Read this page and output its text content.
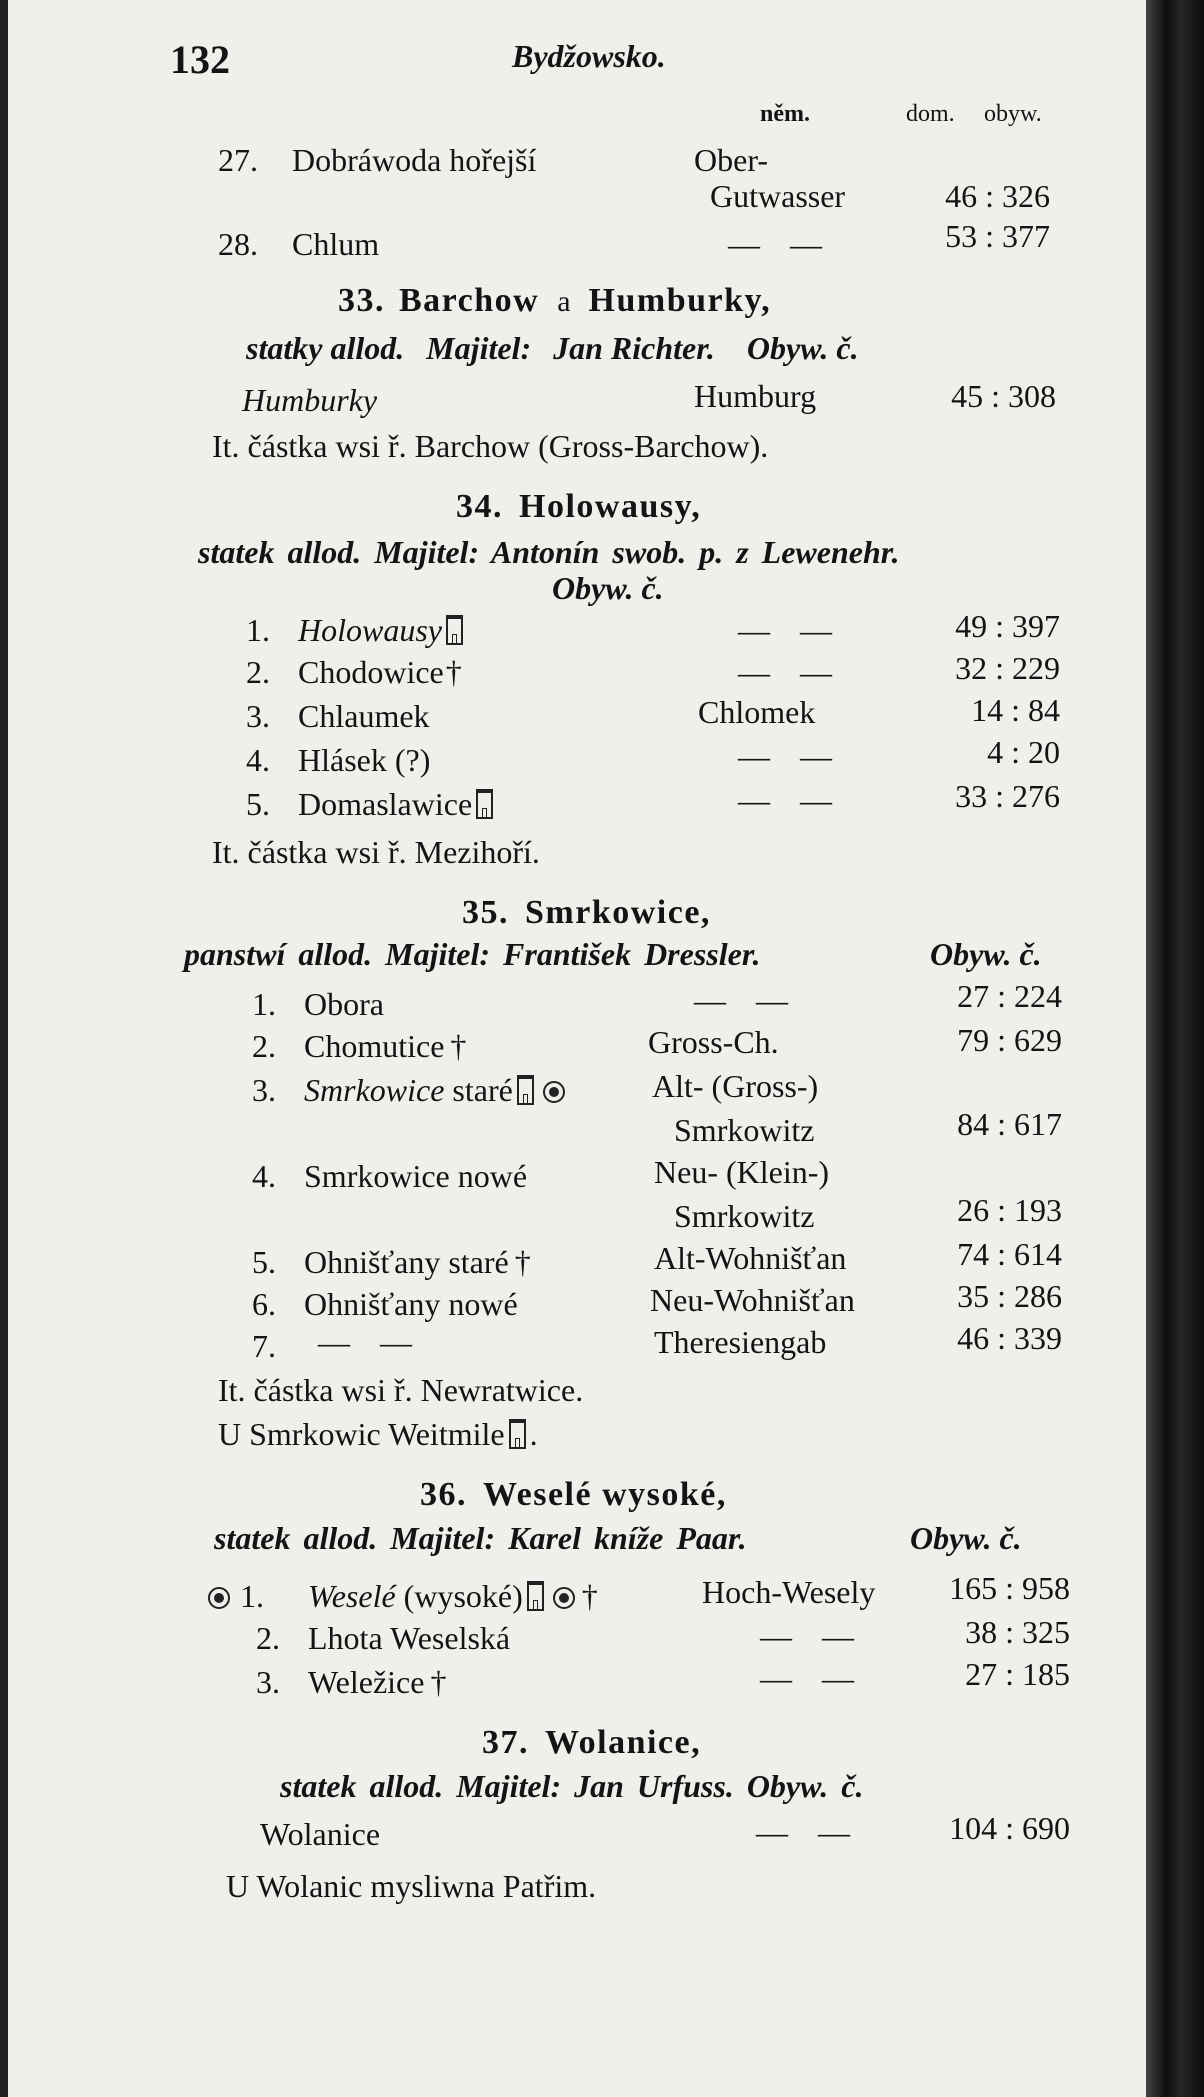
132	Bydžowsko.
něm.	dom. obyw.
27. Dobráwoda hořejší	Ober-
Gutwasser	46 : 326
28. Chlum	— —	53 : 377
33. Barchow a Humburky,
statky allod. Majitel: Jan Richter. Obyw. č.
Humburky	Humburg	45 : 308
It. částka wsi ř. Barchow (Gross-Barchow).
34. Holowausy,
statek allod. Majitel: Antonín swob. p. z Lewenehr.
Obyw. č.
1. Holowausy	— —	49 : 397
2. Chodowice†	— —	32 : 229
3. Chlaumek	Chlomek	14 : 84
4. Hlásek (?)	— —	4 : 20
5. Domaslawice	— —	33 : 276
It. částka wsi ř. Mezihoří.
35. Smrkowice,
panstwí allod. Majitel: František Dressler.	Obyw. č.
1. Obora	— —	27 : 224
2. Chomutice †	Gross-Ch.	79 : 629
3. Smrkowice staré	Alt- (Gross-)
Smrkowitz	84 : 617
4. Smrkowice nowé	Neu- (Klein-)
Smrkowitz	26 : 193
5. Ohnišťany staré †	Alt-Wohnišťan	74 : 614
6. Ohnišťany nowé	Neu-Wohnišťan	35 : 286
7. — —	Theresiengab	46 : 339
It. částka wsi ř. Newratwice.
U Smrkowic Weitmile .
36. Weselé wysoké,
statek allod. Majitel: Karel kníže Paar.	Obyw. č.
1. Weselé (wysoké) †	Hoch-Wesely	165 : 958
2. Lhota Weselská	— —	38 : 325
3. Weležice †	— —	27 : 185
37. Wolanice,
statek allod. Majitel: Jan Urfuss. Obyw. č.
Wolanice	— —	104 : 690
U Wolanic mysliwna Patřim.
